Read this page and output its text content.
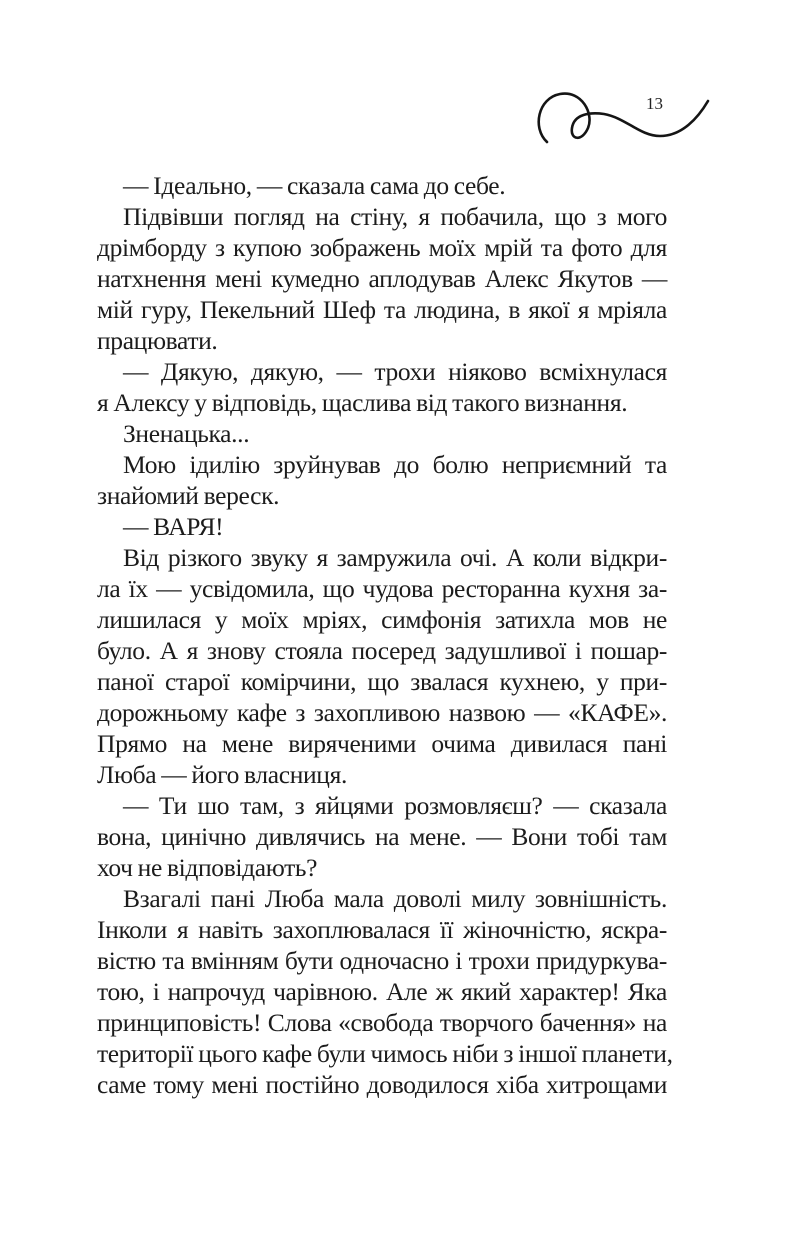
13
— Ідеально, — сказала сама до себе.
Підвівши погляд на стіну, я побачила, що з мого
дрімборду з купою зображень моїх мрій та фото для
натхнення мені кумедно аплодував Алекс Якутов —
мій гуру, Пекельний Шеф та людина, в якої я мріяла
працювати.
— Дякую, дякую, — трохи ніяково всміхнулася
я Алексу у відповідь, щаслива від такого визнання.
Зненацька...
Мою ідилію зруйнував до болю неприємний та
знайомий вереск.
— ВАРЯ!
Від різкого звуку я замружила очі. А коли відкри-
ла їх — усвідомила, що чудова ресторанна кухня за-
лишилася у моїх мріях, симфонія затихла мов не
було. А я знову стояла посеред задушливої і пошар-
паної старої комірчини, що звалася кухнею, у при-
дорожньому кафе з захопливою назвою — «КАФЕ».
Прямо на мене виряченими очима дивилася пані
Люба — його власниця.
— Ти шо там, з яйцями розмовляєш? — сказала
вона, цинічно дивлячись на мене. — Вони тобі там
хоч не відповідають?
Взагалі пані Люба мала доволі милу зовнішність.
Інколи я навіть захоплювалася її жіночністю, яскра-
вістю та вмінням бути одночасно і трохи придуркува-
тою, і напрочуд чарівною. Але ж який характер! Яка
принциповість! Слова «свобода творчого бачення» на
території цього кафе були чимось ніби з іншої планети,
саме тому мені постійно доводилося хіба хитрощами
